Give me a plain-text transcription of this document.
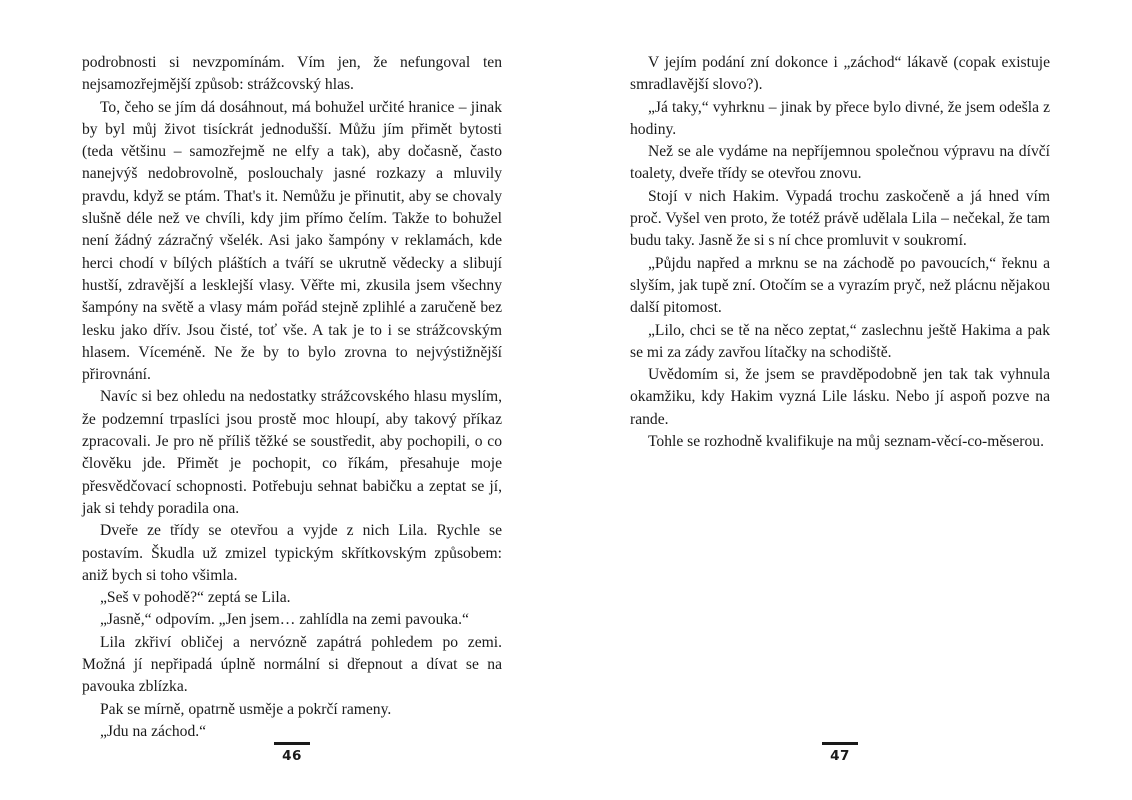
podrobnosti si nevzpomínám. Vím jen, že nefungoval ten nejsamozřejmější způsob: strážcovský hlas.

To, čeho se jím dá dosáhnout, má bohužel určité hranice – jinak by byl můj život tisíckrát jednodušší. Můžu jím přimět bytosti (teda většinu – samozřejmě ne elfy a tak), aby dočasně, často nanejvýš nedobrovolně, poslouchaly jasné rozkazy a mluvily pravdu, když se ptám. That's it. Nemůžu je přinutit, aby se chovaly slušně déle než ve chvíli, kdy jim přímo čelím. Takže to bohužel není žádný zázračný všelék. Asi jako šampóny v reklamách, kde herci chodí v bílých pláštích a tváří se ukrutně vědecky a slibují hustší, zdravější a lesklejší vlasy. Věřte mi, zkusila jsem všechny šampóny na světě a vlasy mám pořád stejně zplihlé a zaručeně bez lesku jako dřív. Jsou čisté, toť vše. A tak je to i se strážcovským hlasem. Víceméně. Ne že by to bylo zrovna to nejvýstižnější přirovnání.

Navíc si bez ohledu na nedostatky strážcovského hlasu myslím, že podzemní trpaslíci jsou prostě moc hloupí, aby takový příkaz zpracovali. Je pro ně příliš těžké se soustředit, aby pochopili, o co člověku jde. Přimět je pochopit, co říkám, přesahuje moje přesvědčovací schopnosti. Potřebuju sehnat babičku a zeptat se jí, jak si tehdy poradila ona.

Dveře ze třídy se otevřou a vyjde z nich Lila. Rychle se postavím. Škudla už zmizel typickým skřítkovským způsobem: aniž bych si toho všimla.

„Seš v pohodě?“ zeptá se Lila.

„Jasně,“ odpovím. „Jen jsem… zahlídla na zemi pavouka.“

Lila zkřiví obličej a nervózně zapátrá pohledem po zemi. Možná jí nepřipadá úplně normální si dřepnout a dívat se na pavouka zblízka.

Pak se mírně, opatrně usměje a pokrčí rameny.

„Jdu na záchod.“

46

V jejím podání zní dokonce i „záchod“ lákavě (copak existuje smradlavější slovo?).

„Já taky,“ vyhrknu – jinak by přece bylo divné, že jsem odešla z hodiny.

Než se ale vydáme na nepříjemnou společnou výpravu na dívčí toalety, dveře třídy se otevřou znovu.

Stojí v nich Hakim. Vypadá trochu zaskočeně a já hned vím proč. Vyšel ven proto, že totéž právě udělala Lila – nečekal, že tam budu taky. Jasně že si s ní chce promluvit v soukromí.

„Půjdu napřed a mrknu se na záchodě po pavoucích,“ řeknu a slyším, jak tupě zní. Otočím se a vyrazím pryč, než plácnu nějakou další pitomost.

„Lilo, chci se tě na něco zeptat,“ zaslechnu ještě Hakima a pak se mi za zády zavřou lítačky na schodiště.

Uvědomím si, že jsem se pravděpodobně jen tak tak vyhnula okamžiku, kdy Hakim vyzná Lile lásku. Nebo jí aspoň pozve na rande.

Tohle se rozhodně kvalifikuje na můj seznam-věcí-co-měserou.

47
